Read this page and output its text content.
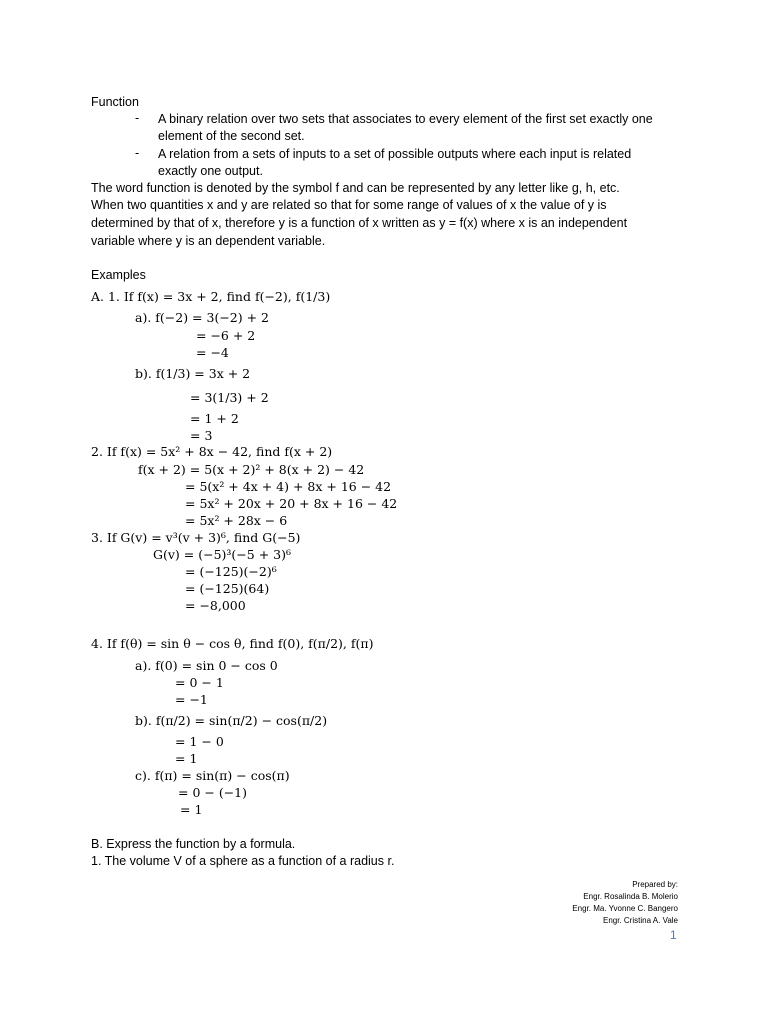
Function
- A binary relation over two sets that associates to every element of the first set exactly one
element of the second set.
- A relation from a sets of inputs to a set of possible outputs where each input is related
exactly one output.
The word function is denoted by the symbol f and can be represented by any letter like g, h, etc.
When two quantities x and y are related so that for some range of values of x the value of y is
determined by that of x, therefore y is a function of x written as y = f(x) where x is an independent
variable where y is an dependent variable.
Examples
A. 1. If f(x) = 3x + 2, find f(−2), f(1/3)
a). f(−2) = 3(−2) + 2
= −6 + 2
= −4
b). f(1/3) = 3x + 2
= 3(1/3) + 2
= 1 + 2
= 3
2. If f(x) = 5x² + 8x − 42, find f(x + 2)
f(x + 2) = 5(x + 2)² + 8(x + 2) − 42
= 5(x² + 4x + 4) + 8x + 16 − 42
= 5x² + 20x + 20 + 8x + 16 − 42
= 5x² + 28x − 6
3. If G(v) = v³(v + 3)⁶, find G(−5)
G(v) = (−5)³(−5 + 3)⁶
= (−125)(−2)⁶
= (−125)(64)
= −8,000
4. If f(θ) = sin θ − cos θ, find f(0), f(π/2), f(π)
a). f(0) = sin 0 − cos 0
= 0 − 1
= −1
b). f(π/2) = sin(π/2) − cos(π/2)
= 1 − 0
= 1
c). f(π) = sin(π) − cos(π)
= 0 − (−1)
= 1
B. Express the function by a formula.
1. The volume V of a sphere as a function of a radius r.
Prepared by:
Engr. Rosalinda B. Molerio
Engr. Ma. Yvonne C. Bangero
Engr. Cristina A. Vale
1
